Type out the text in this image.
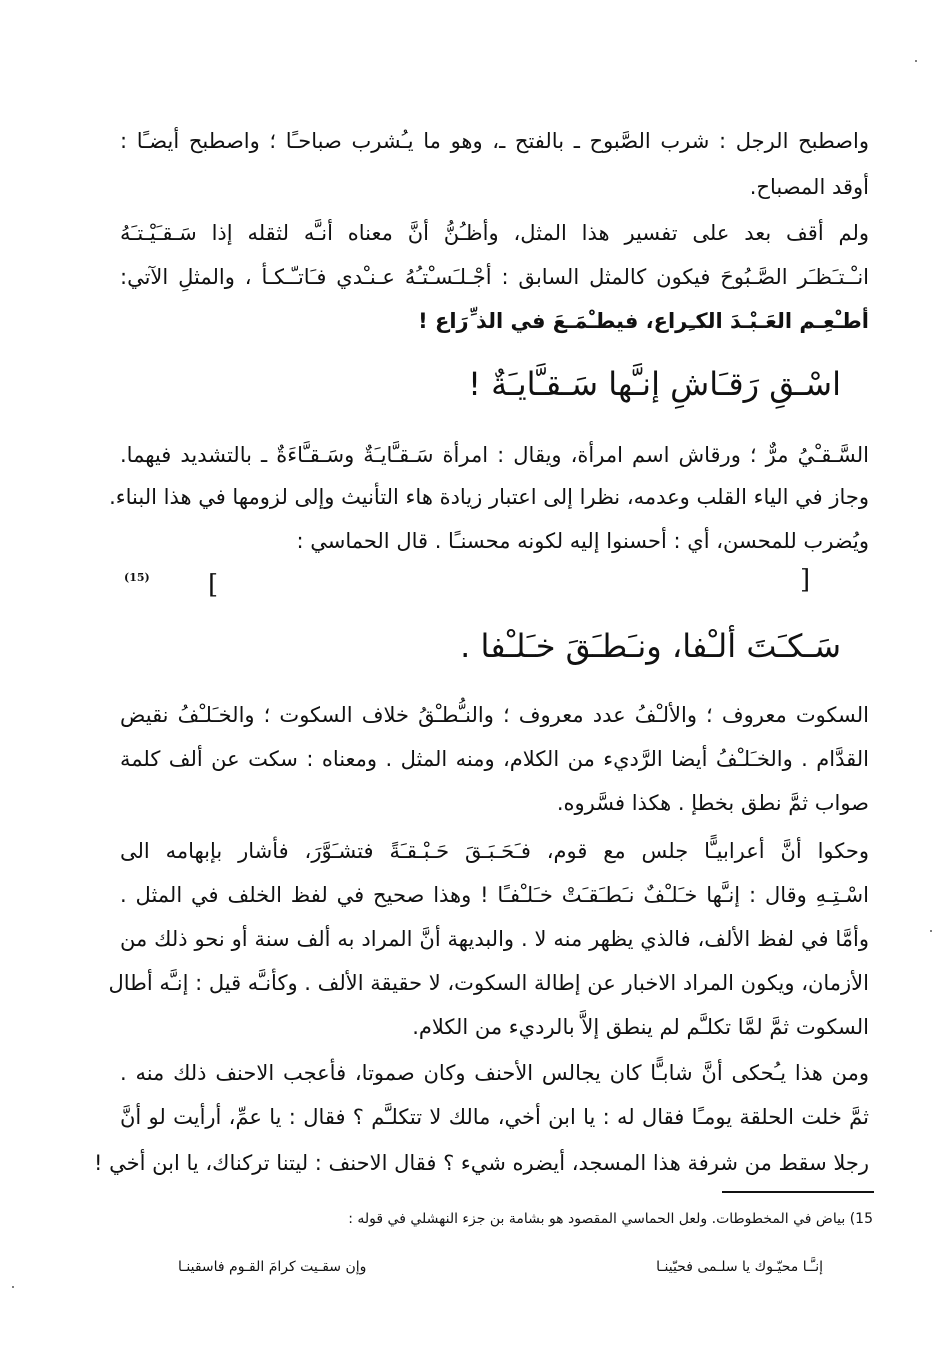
واصطبح الرجل : شرب الصَّبوح ـ بالفتح ـ، وهو ما يـُشرب صباحـًا ؛ واصطبح أيضـًا :
أوقد المصباح.
ولم أقف بعد على تفسير هذا المثل، وأظـُنُّ أنَّ معناه أنـَّه لثقله إذا سَـقـَيْـتـَهُ
انـْـتـَظـَر الصَّـبُوحَ فيكون كالمثل السابق : أجْـلـَسـْتـُهُ عـنـْدي فـَاتـّـكـأ ، والمثلِ الآتي:
أطـْعِـم العَـبْـدَ الكـِراع، فيطـْمَـعَ في الذ ِّرَاع !
اسْـقِ رَقـَاشِ إنـَّها سَـقـَّايـَةٌ !
السَّـقـْيُ مرٌّ ؛ ورقاش اسم امرأة، ويقال : امرأة سَـقـَّايـَةٌ وسَـقـَّاءَةٌ ـ بالتشديد فيهما.
وجاز في الياء القلب وعدمه، نظرا إلى اعتبار زيادة هاء التأنيث وإلى لزومها في هذا البناء.
ويُضرب للمحسن، أي : أحسنوا إليه لكونه محسنـًا . قال الحماسي :
]
[
(15)
سَـكـَتَ ألـْفا، ونـَطـَقَ خـَلـْفا .
السكوت معروف ؛ والألـْفُ عدد معروف ؛ والنـُّطـْقُ خلاف السكوت ؛ والخـَلـْفُ نقيض
القدَّام . والخـَلـْفُ أيضا الرَّديء من الكلام، ومنه المثل . ومعناه : سكت عن ألف كلمة
صواب ثمَّ نطق بخطإ . هكذا فسَّروه.
وحكوا أنَّ أعرابيـًّا جلس مع قوم، فـَحَـبَـقَ حَـبْـقـَةً فتشـَوَّرَ، فأشار بإبهامه الى
اسْـتِـهِ وقال : إنـَّها خـَلـْفٌ نـَطـَقـَتْ خـَلـْفـًا ! وهذا صحيح في لفظ الخلف في المثل .
وأمَّا في لفظ الألف، فالذي يظهر منه لا . والبديهة أنَّ المراد به ألف سنة أو نحو ذلك من
الأزمان، ويكون المراد الاخبار عن إطالة السكوت، لا حقيقة الألف . وكأنـَّه قيل : إنـَّه أطال
السكوت ثمَّ لمَّا تكلـَّم لم ينطق إلاَّ بالرديء من الكلام.
ومن هذا يـُحكى أنَّ شابـًّا كان يجالس الأحنف وكان صموتا، فأعجب الاحنف ذلك منه .
ثمَّ خلت الحلقة يومـًا فقال له : يا ابن أخي، مالك لا تتكلـَّم ؟ فقال : يا عمِّ، أرأيت لو أنَّ
رجلا سقط من شرفة هذا المسجد، أيضره شيء ؟ فقال الاحنف : ليتنا تركناك، يا ابن أخي !
15) بياض في المخطوطات. ولعل الحماسي المقصود هو بشامة بن جزء النهشلي في قوله :
إنـَّـا محيّـوك يا سلـمى فحيّينـا
وإن سقـيت كرامَ القـوم فاسقينـا
